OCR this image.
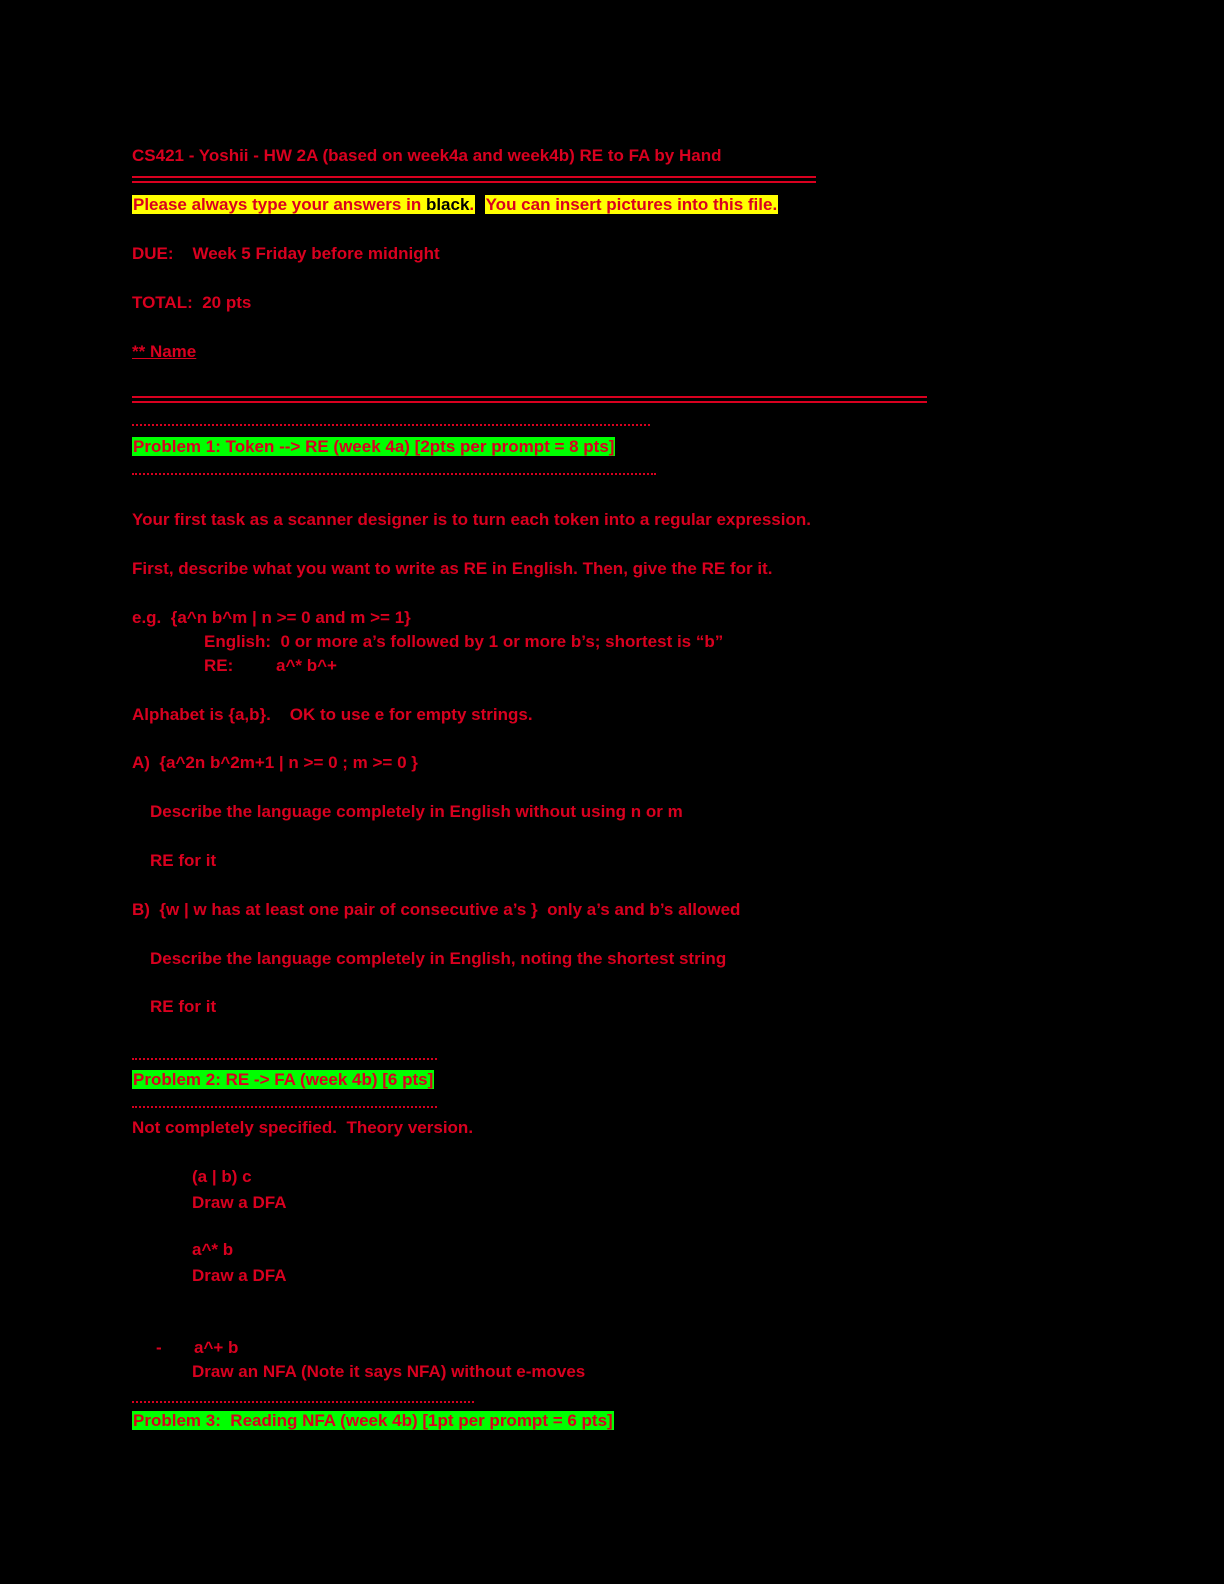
CS421 - Yoshii - HW 2A (based on week4a and week4b) RE to FA by Hand
Please always type your answers in black. You can insert pictures into this file.
DUE: Week 5 Friday before midnight
TOTAL: 20 pts
** Name
Problem 1: Token --> RE (week 4a) [2pts per prompt = 8 pts]
Your first task as a scanner designer is to turn each token into a regular expression.
First, describe what you want to write as RE in English. Then, give the RE for it.
e.g.  {a^n b^m | n >= 0 and m >= 1}
English: 0 or more a’s followed by 1 or more b’s; shortest is “b”
RE:	a^* b^+
Alphabet is {a,b}.    OK to use e for empty strings.
A)  {a^2n b^2m+1 | n >= 0 ; m >= 0 }
Describe the language completely in English without using n or m
RE for it
B)  {w | w has at least one pair of consecutive a’s }  only a’s and b’s allowed
Describe the language completely in English, noting the shortest string
RE for it
Problem 2: RE -> FA (week 4b) [6 pts]
Not completely specified.  Theory version.
(a | b) c
Draw a DFA
a^* b
Draw a DFA
- a^+ b
Draw an NFA (Note it says NFA) without e-moves
Problem 3:  Reading NFA (week 4b) [1pt per prompt = 6 pts]
